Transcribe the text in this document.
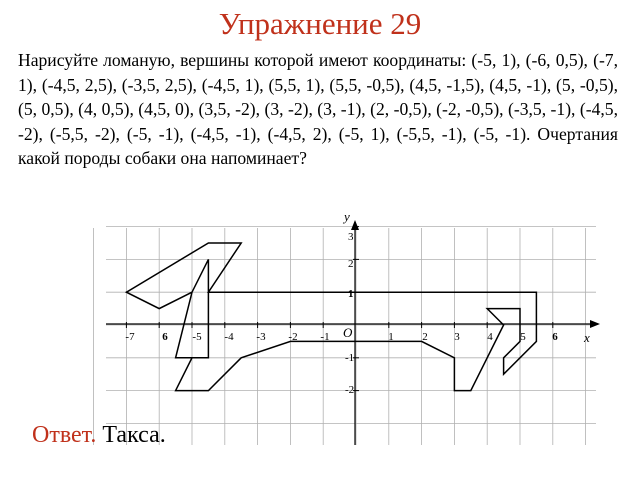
Упражнение 29
Нарисуйте ломаную, вершины которой имеют координаты: (-5, 1), (-6, 0,5), (-7, 1), (-4,5, 2,5), (-3,5, 2,5), (-4,5, 1), (5,5, 1), (5,5, -0,5), (4,5, -1,5), (4,5, -1), (5, -0,5), (5, 0,5), (4, 0,5), (4,5, 0), (3,5, -2), (3, -2), (3, -1), (2, -0,5), (-2, -0,5), (-3,5, -1), (-4,5, -2), (-5,5, -2), (-5, -1), (-4,5, -1), (-4,5, 2), (-5, 1), (-5,5, -1), (-5, -1). Очертания какой породы собаки она напоминает?
-7	6 -5 -4 -3 -2 -1	1	2 3	4	5 6
3
2
1
-1
-2
O	x
y
Ответ. Такса.
